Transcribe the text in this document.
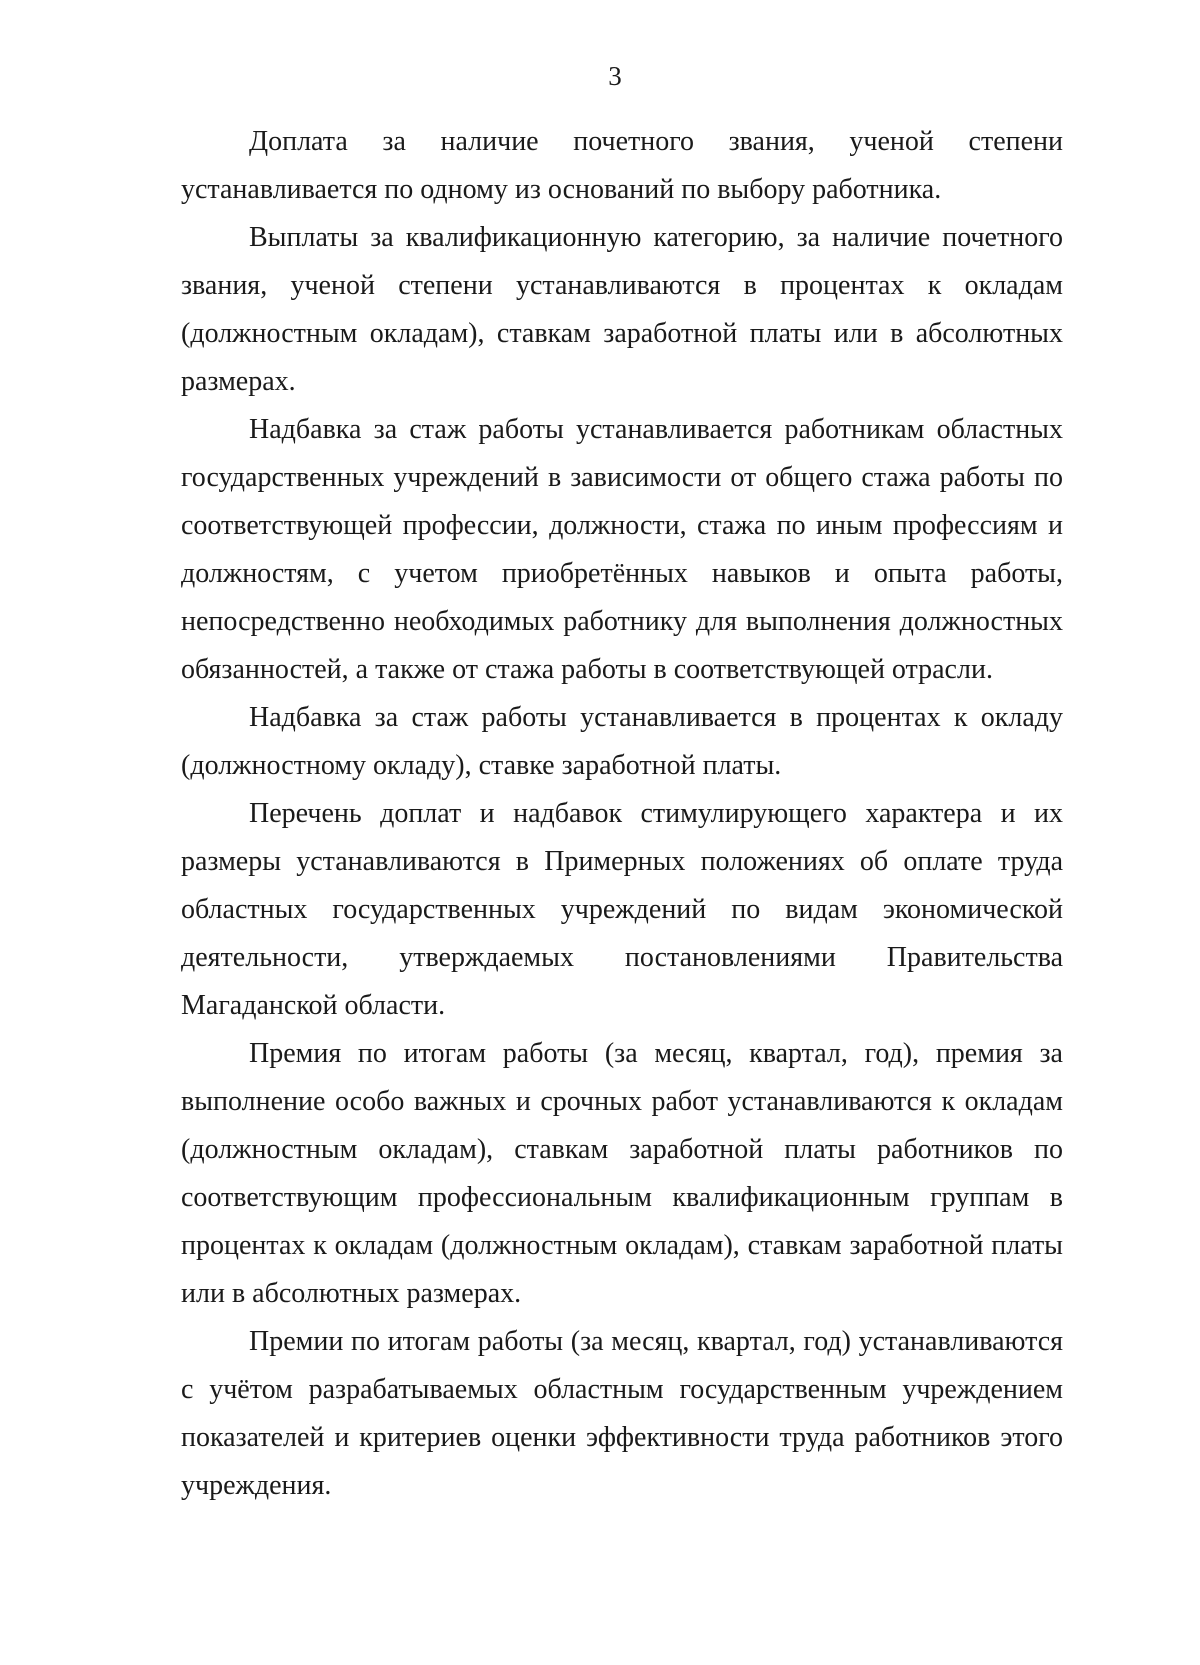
3

Доплата за наличие почетного звания, ученой степени устанавливается по одному из оснований по выбору работника.

Выплаты за квалификационную категорию, за наличие почетного звания, ученой степени устанавливаются в процентах к окладам (должностным окладам), ставкам заработной платы или в абсолютных размерах.

Надбавка за стаж работы устанавливается работникам областных государственных учреждений в зависимости от общего стажа работы по соответствующей профессии, должности, стажа по иным профессиям и должностям, с учетом приобретённых навыков и опыта работы, непосредственно необходимых работнику для выполнения должностных обязанностей, а также от стажа работы в соответствующей отрасли.

Надбавка за стаж работы устанавливается в процентах к окладу (должностному окладу), ставке заработной платы.

Перечень доплат и надбавок стимулирующего характера и их размеры устанавливаются в Примерных положениях об оплате труда областных государственных учреждений по видам экономической деятельности, утверждаемых постановлениями Правительства Магаданской области.

Премия по итогам работы (за месяц, квартал, год), премия за выполнение особо важных и срочных работ устанавливаются к окладам (должностным окладам), ставкам заработной платы работников по соответствующим профессиональным квалификационным группам в процентах к окладам (должностным окладам), ставкам заработной платы или в абсолютных размерах.

Премии по итогам работы (за месяц, квартал, год) устанавливаются с учётом разрабатываемых областным государственным учреждением показателей и критериев оценки эффективности труда работников этого учреждения.
